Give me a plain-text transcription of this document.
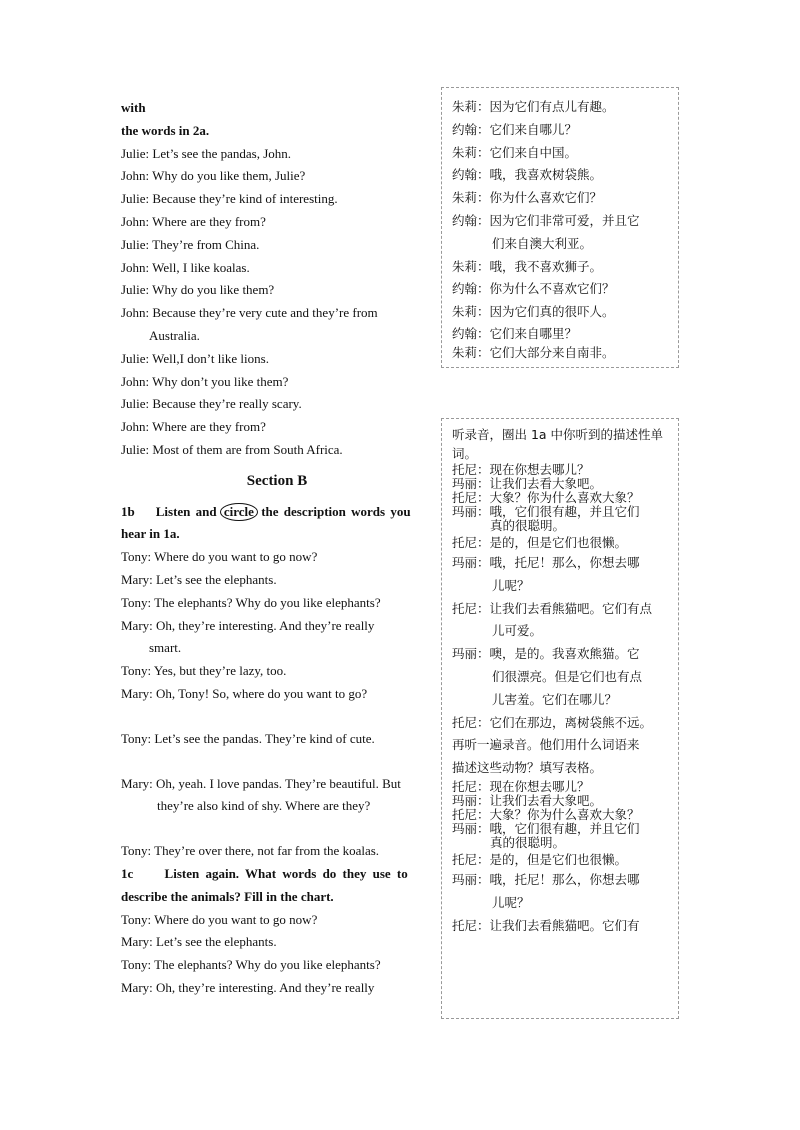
with
the words in 2a.
Julie: Let’s see the pandas, John.
John: Why do you like them, Julie?
Julie: Because they’re kind of interesting.
John: Where are they from?
Julie: They’re from China.
John: Well, I like koalas.
Julie: Why do you like them?
John: Because they’re very cute and they’re from
Australia.
Julie: Well,I don’t like lions.
John: Why don’t you like them?
Julie: Because they’re really scary.
John: Where are they from?
Julie: Most of them are from South Africa.
Section B
1b Listen and circle the description words you
hear in 1a.
Tony: Where do you want to go now?
Mary: Let’s see the elephants.
Tony: The elephants? Why do you like elephants?
Mary: Oh, they’re interesting. And they’re really
smart.
Tony: Yes, but they’re lazy, too.
Mary: Oh, Tony! So, where do you want to go?
Tony: Let’s see the pandas. They’re kind of cute.
Mary: Oh, yeah. I love pandas. They’re beautiful. But
they’re also kind of shy. Where are they?
Tony: They’re over there, not far from the koalas.
1c Listen again. What words do they use to
describe the animals? Fill in the chart.
Tony: Where do you want to go now?
Mary: Let’s see the elephants.
Tony: The elephants? Why do you like elephants?
Mary: Oh, they’re interesting. And they’re really
朱莉：因为它们有点儿有趣。
约翰：它们来自哪儿？
朱莉：它们来自中国。
约翰：哦，我喜欢树袋熊。
朱莉：你为什么喜欢它们？
约翰：因为它们非常可爱，并且它
们来自澳大利亚。
朱莉：哦，我不喜欢狮子。
约翰：你为什么不喜欢它们？
朱莉：因为它们真的很吓人。
约翰：它们来自哪里？
朱莉：它们大部分来自南非。
听录音，圈出 1a 中你听到的描述性单词。
托尼：现在你想去哪儿？
玛丽：让我们去看大象吧。
托尼：大象？你为什么喜欢大象？
玛丽：哦，它们很有趣，并且它们
真的很聪明。
托尼：是的，但是它们也很懒。
玛丽：哦，托尼！那么，你想去哪
儿呢？
托尼：让我们去看熊猫吧。它们有点
儿可爱。
玛丽：噢，是的。我喜欢熊猫。它
们很漂亮。但是它们也有点
儿害羞。它们在哪儿？
托尼：它们在那边，离树袋熊不远。
再听一遍录音。他们用什么词语来
描述这些动物？填写表格。
托尼：现在你想去哪儿？
玛丽：让我们去看大象吧。
托尼：大象？你为什么喜欢大象？
玛丽：哦，它们很有趣，并且它们
真的很聪明。
托尼：是的，但是它们也很懒。
玛丽：哦，托尼！那么，你想去哪
儿呢？
托尼：让我们去看熊猫吧。它们有
